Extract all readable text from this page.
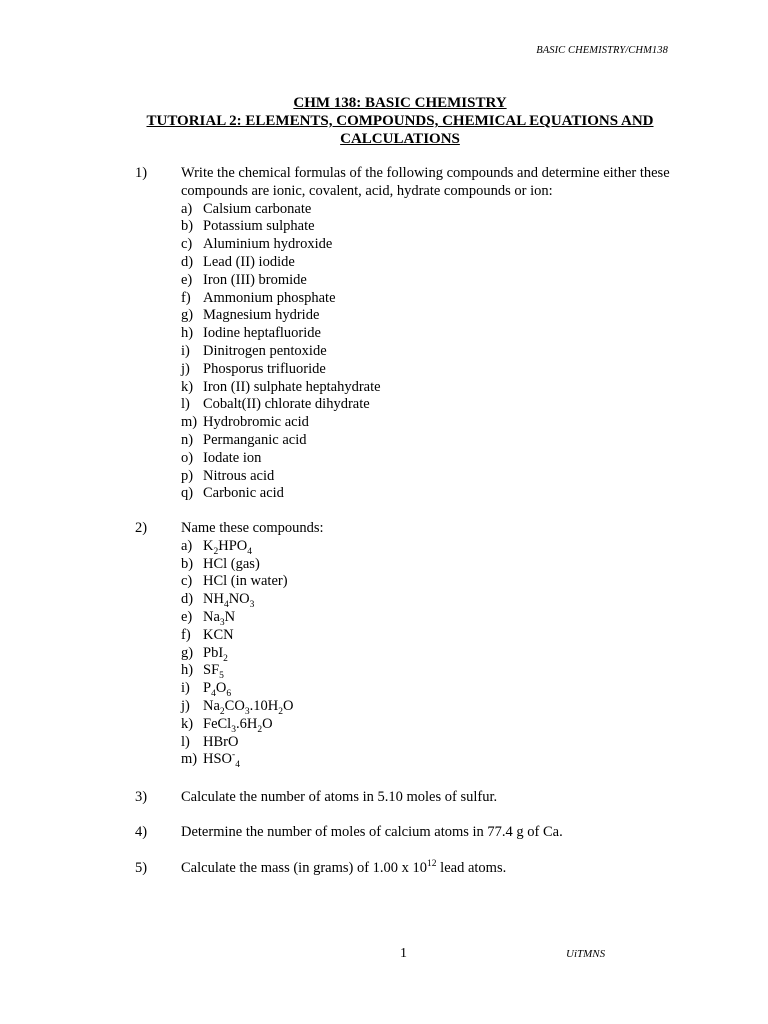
BASIC CHEMISTRY/CHM138
CHM 138: BASIC CHEMISTRY
TUTORIAL 2: ELEMENTS, COMPOUNDS, CHEMICAL EQUATIONS AND
CALCULATIONS
1) Write the chemical formulas of the following compounds and determine either these compounds are ionic, covalent, acid, hydrate compounds or ion:
a) Calsium carbonate
b) Potassium sulphate
c) Aluminium hydroxide
d) Lead (II) iodide
e) Iron (III) bromide
f) Ammonium phosphate
g) Magnesium hydride
h) Iodine heptafluoride
i) Dinitrogen pentoxide
j) Phosporus trifluoride
k) Iron (II) sulphate heptahydrate
l) Cobalt(II) chlorate dihydrate
m) Hydrobromic acid
n) Permanganic acid
o) Iodate ion
p) Nitrous acid
q) Carbonic acid
2) Name these compounds:
a) $K_2HPO_4$
b) HCl (gas)
c) HCl (in water)
d) $NH_4NO_3$
e) $Na_3N$
f) KCN
g) PbI$_2$
h) $SF_5$
i) $P_4O_6$
j) $Na_2CO_3.10H_2O$
k) $FeCl_3.6H_2O$
l) HBrO
m) $HSO^-_4$
3) Calculate the number of atoms in 5.10 moles of sulfur.
4) Determine the number of moles of calcium atoms in 77.4 g of Ca.
5) Calculate the mass (in grams) of 1.00 x $10^{12}$ lead atoms.
1	UiTMNS
